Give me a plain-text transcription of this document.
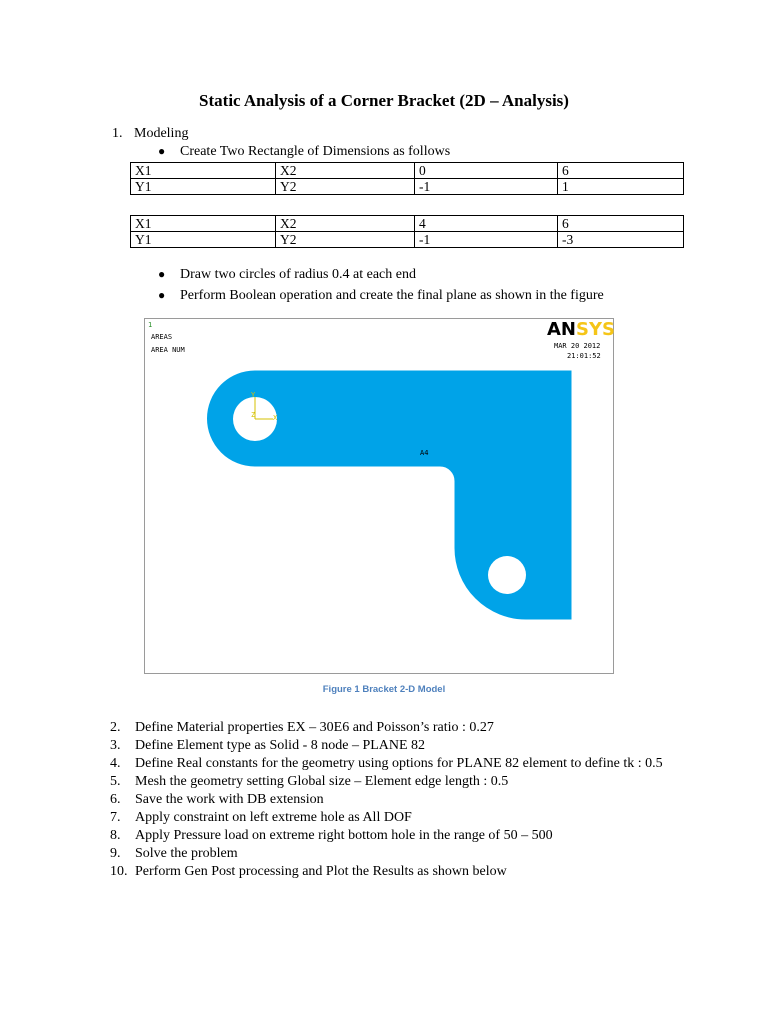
Static Analysis of a Corner Bracket (2D – Analysis)
1. Modeling
● Create Two Rectangle of Dimensions as follows
X1	X2	0	6
Y1	Y2	-1	1
X1	X2	4	6
Y1	Y2	-1	-3
● Draw two circles of radius 0.4 at each end
● Perform Boolean operation and create the final plane as shown in the figure
1
AREAS
AREA NUM
ANSYS
MAR 20 2012
21:01:52
A4
Y
Z	X
Figure 1 Bracket 2-D Model
2. Define Material properties EX – 30E6 and Poisson’s ratio : 0.27
3. Define Element type as Solid - 8 node – PLANE 82
4. Define Real constants for the geometry using options for PLANE 82 element to define tk : 0.5
5. Mesh the geometry setting Global size – Element edge length : 0.5
6. Save the work with DB extension
7. Apply constraint on left extreme hole as All DOF
8. Apply Pressure load on extreme right bottom hole in the range of 50 – 500
9. Solve the problem
10. Perform Gen Post processing and Plot the Results as shown below
